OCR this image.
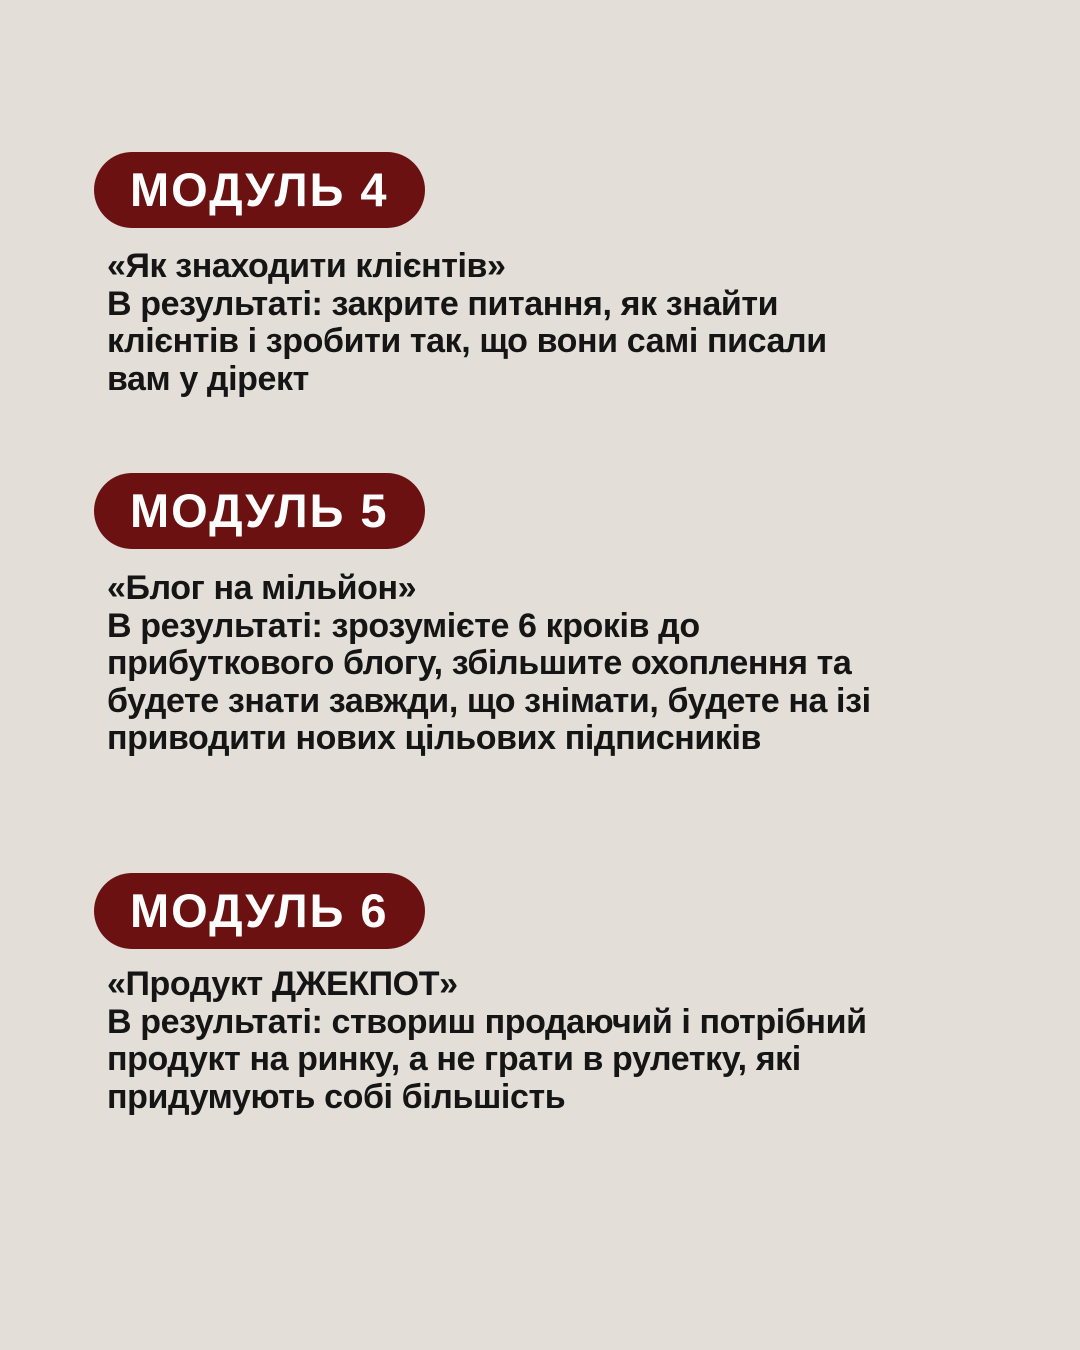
МОДУЛЬ 4
«Як знаходити клієнтів»
В результаті: закрите питання, як знайти
клієнтів і зробити так, що вони самі писали
вам у дірект
МОДУЛЬ 5
«Блог на мільйон»
В результаті: зрозумієте 6 кроків до
прибуткового блогу, збільшите охоплення та
будете знати завжди, що знімати, будете на ізі
приводити нових цільових підписників
МОДУЛЬ 6
«Продукт ДЖЕКПОТ»
В результаті: створиш продаючий і потрібний
продукт на ринку, а не грати в рулетку, які
придумують собі більшість
